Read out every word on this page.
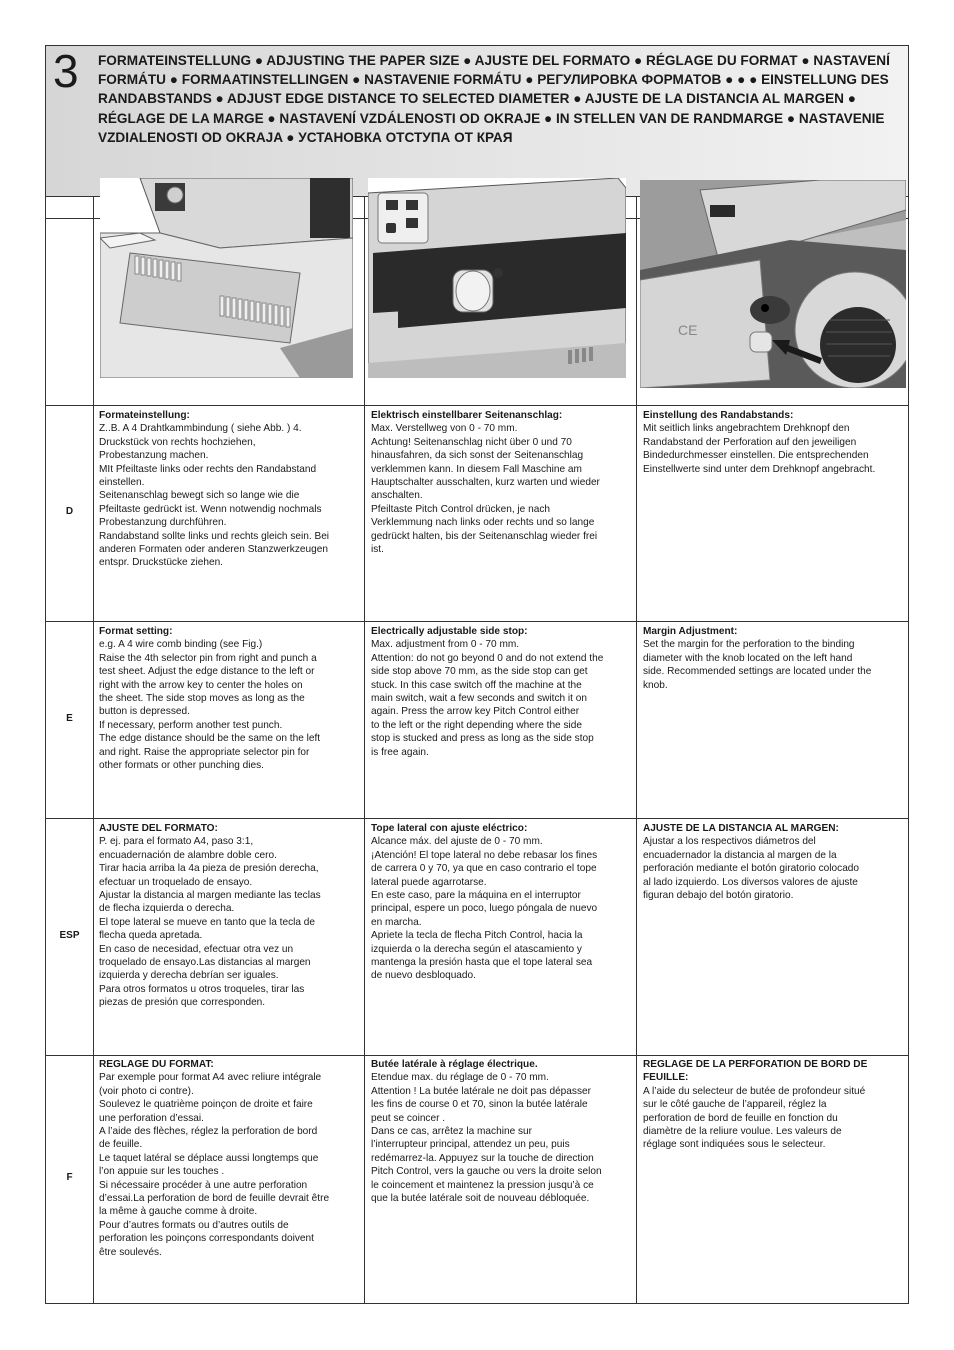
3 FORMATEINSTELLUNG ● ADJUSTING THE PAPER SIZE ● AJUSTE DEL FORMATO ● RÉGLAGE DU FORMAT ● NASTAVENÍ FORMÁTU ● FORMAATINSTELLINGEN ● NASTAVENIE FORMÁTU ● РЕГУЛИРОВКА ФОРМАТОВ ● ● ● EINSTELLUNG DES RANDABSTANDS ● ADJUST EDGE DISTANCE TO SELECTED DIAMETER ● AJUSTE DE LA DISTANCIA AL MARGEN ● RÉGLAGE DE LA MARGE ● NASTAVENÍ VZDÁLENOSTI OD OKRAJE ● IN STELLEN VAN DE RANDMARGE ● NASTAVENIE VZDIALENOSTI OD OKRAJA ● УСТАНОВКА ОТСТУПА ОТ КРАЯ
CE
D
Formateinstellung:
Z..B. A 4 Drahtkammbindung ( siehe Abb. ) 4.
Druckstück von rechts hochziehen,
Probestanzung machen.
MIt Pfeiltaste links oder rechts den Randabstand
einstellen.
Seitenanschlag bewegt sich so lange wie die
Pfeiltaste gedrückt ist. Wenn notwendig nochmals
Probestanzung durchführen.
Randabstand sollte links und rechts gleich sein. Bei
anderen Formaten oder anderen Stanzwerkzeugen
entspr. Druckstücke ziehen.
Elektrisch einstellbarer Seitenanschlag:
Max. Verstellweg von 0 - 70 mm.
Achtung! Seitenanschlag nicht über 0 und 70
hinausfahren, da sich sonst der Seitenanschlag
verklemmen kann. In diesem Fall Maschine am
Hauptschalter ausschalten, kurz warten und wieder
anschalten.
Pfeiltaste Pitch Control drücken, je nach
Verklemmung nach links oder rechts und so lange
gedrückt halten, bis der Seitenanschlag wieder frei
ist.
Einstellung des Randabstands:
Mit seitlich links angebrachtem Drehknopf den
Randabstand der Perforation auf den jeweiligen
Bindedurchmesser einstellen. Die entsprechenden
Einstellwerte sind unter dem Drehknopf angebracht.
E
Format setting:
e.g. A 4 wire comb binding (see Fig.)
Raise the 4th selector pin from right and punch a
test sheet. Adjust the edge distance to the left or
right with the arrow key to center the holes on
the sheet. The side stop moves as long as the
button is depressed.
If necessary, perform another test punch.
The edge distance should be the same on the left
and right. Raise the appropriate selector pin for
other formats or other punching dies.
Electrically adjustable side stop:
Max. adjustment from 0 - 70 mm.
Attention: do not go beyond 0 and do not extend the
side stop above 70 mm, as the side stop can get
stuck. In this case switch off the machine at the
main switch, wait a few seconds and switch it on
again. Press the arrow key Pitch Control either
to the left or the right depending where the side
stop is stucked and press as long as the side stop
is free again.
Margin Adjustment:
Set the margin for the perforation to the binding
diameter with the knob located on the left hand
side. Recommended settings are located under the
knob.
ESP
AJUSTE DEL FORMATO:
P. ej. para el formato A4, paso 3:1,
encuadernación de alambre doble cero.
Tirar hacia arriba la 4a pieza de presión derecha,
efectuar un troquelado de ensayo.
Ajustar la distancia al margen mediante las teclas
de flecha izquierda o derecha.
El tope lateral se mueve en tanto que la tecla de
flecha queda apretada.
En caso de necesidad, efectuar otra vez un
troquelado de ensayo.Las distancias al margen
izquierda y derecha debrían ser iguales.
Para otros formatos u otros troqueles, tirar las
piezas de presión que corresponden.
Tope lateral con ajuste eléctrico:
Alcance máx. del ajuste de 0 - 70 mm.
¡Atención! El tope lateral no debe rebasar los fines
de carrera 0 y 70, ya que en caso contrario el tope
lateral puede agarrotarse.
En este caso, pare la máquina en el interruptor
principal, espere un poco, luego póngala de nuevo
en marcha.
Apriete la tecla de flecha Pitch Control, hacia la
izquierda o la derecha según el atascamiento y
mantenga la presión hasta que el tope lateral sea
de nuevo desbloquado.
AJUSTE DE LA DISTANCIA AL MARGEN:
Ajustar a los respectivos diámetros del
encuadernador la distancia al margen de la
perforación mediante el botón giratorio colocado
al lado izquierdo. Los diversos valores de ajuste
figuran debajo del botón giratorio.
F
REGLAGE DU FORMAT:
Par exemple pour format A4 avec reliure intégrale
(voir photo ci contre).
Soulevez le quatrième poinçon de droite et faire
une perforation d’essai.
A l’aide des flèches, réglez la perforation de bord
de feuille.
Le taquet latéral se déplace aussi longtemps que
l’on appuie sur les touches .
Si nécessaire procéder à une autre perforation
d’essai.La perforation de bord de feuille devrait être
la même à gauche comme à droite.
Pour d’autres formats ou d’autres outils de
perforation les poinçons correspondants doivent
être soulevés.
Butée latérale à réglage électrique.
Etendue max. du réglage de 0 - 70 mm.
Attention ! La butée latérale ne doit pas dépasser
les fins de course 0 et 70, sinon la butée latérale
peut se coincer .
Dans ce cas, arrêtez la machine sur
l’interrupteur principal, attendez un peu, puis
redémarrez-la. Appuyez sur la touche de direction
Pitch Control, vers la gauche ou vers la droite selon
le coincement et maintenez la pression jusqu’à ce
que la butée latérale soit de nouveau débloquée.
REGLAGE DE LA PERFORATION DE BORD DE FEUILLE:
A l’aide du selecteur de butée de profondeur situé
sur le côté gauche de l’appareil, réglez la
perforation de bord de feuille en fonction du
diamètre de la reliure voulue. Les valeurs de
réglage sont indiquées sous le selecteur.
